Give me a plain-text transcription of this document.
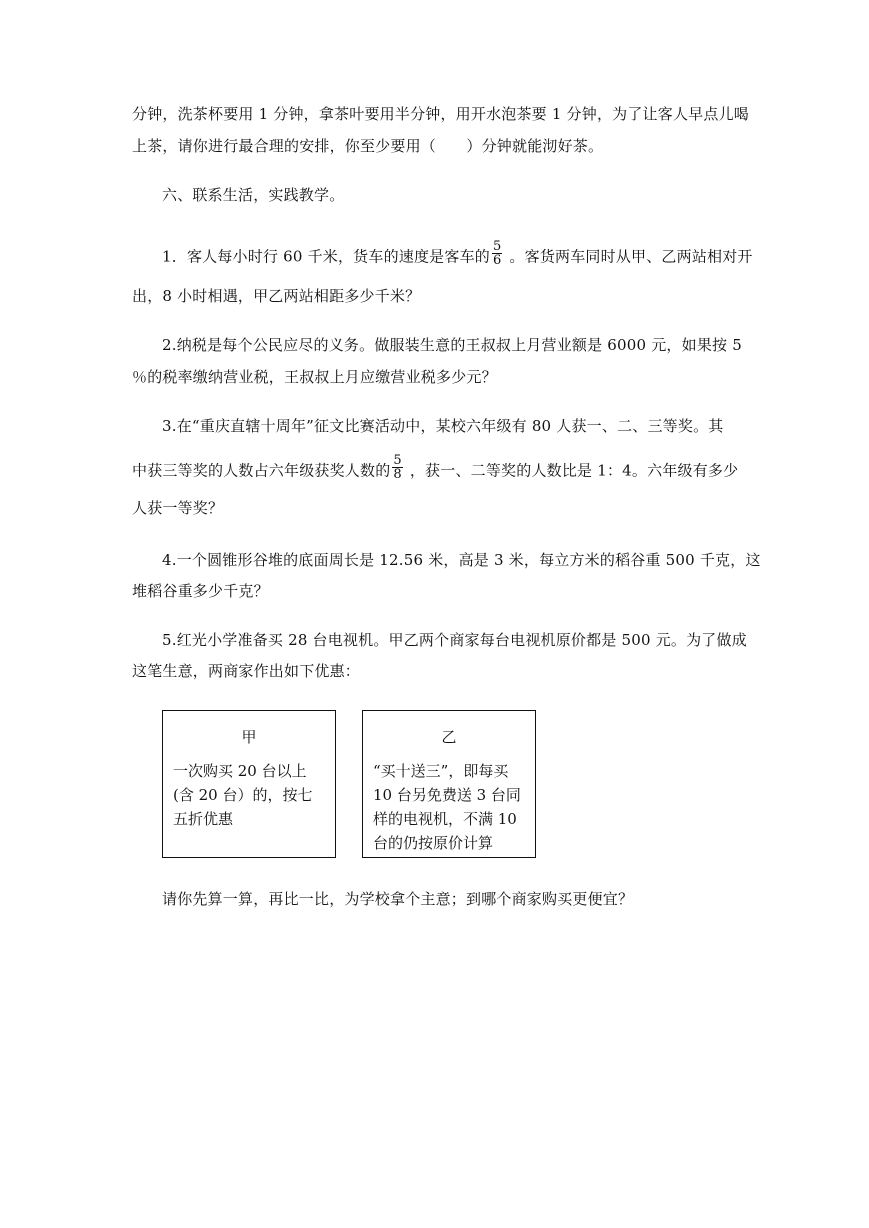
分钟，洗茶杯要用 1 分钟，拿茶叶要用半分钟，用开水泡茶要 1 分钟，为了让客人早点儿喝
上茶，请你进行最合理的安排，你至少要用（　　）分钟就能沏好茶。
六、联系生活，实践教学。
1．客人每小时行 60 千米，货车的速度是客车的 $\frac{5}{6}$ 。客货两车同时从甲、乙两站相对开
出，8 小时相遇，甲乙两站相距多少千米？
2.纳税是每个公民应尽的义务。做服装生意的王叔叔上月营业额是 6000 元，如果按 5
％的税率缴纳营业税，王叔叔上月应缴营业税多少元？
3.在“重庆直辖十周年”征文比赛活动中，某校六年级有 80 人获一、二、三等奖。其
中获三等奖的人数占六年级获奖人数的 $\frac{5}{8}$ ，获一、二等奖的人数比是 1：4。六年级有多少
人获一等奖？
4.一个圆锥形谷堆的底面周长是 12.56 米，高是 3 米，每立方米的稻谷重 500 千克，这
堆稻谷重多少千克？
5.红光小学准备买 28 台电视机。甲乙两个商家每台电视机原价都是 500 元。为了做成
这笔生意，两商家作出如下优惠：
甲
一次购买 20 台以上(含 20 台）的，按七五折优惠
乙
“买十送三”，即每买 10 台另免费送 3 台同样的电视机，不满 10 台的仍按原价计算
请你先算一算，再比一比，为学校拿个主意；到哪个商家购买更便宜？
